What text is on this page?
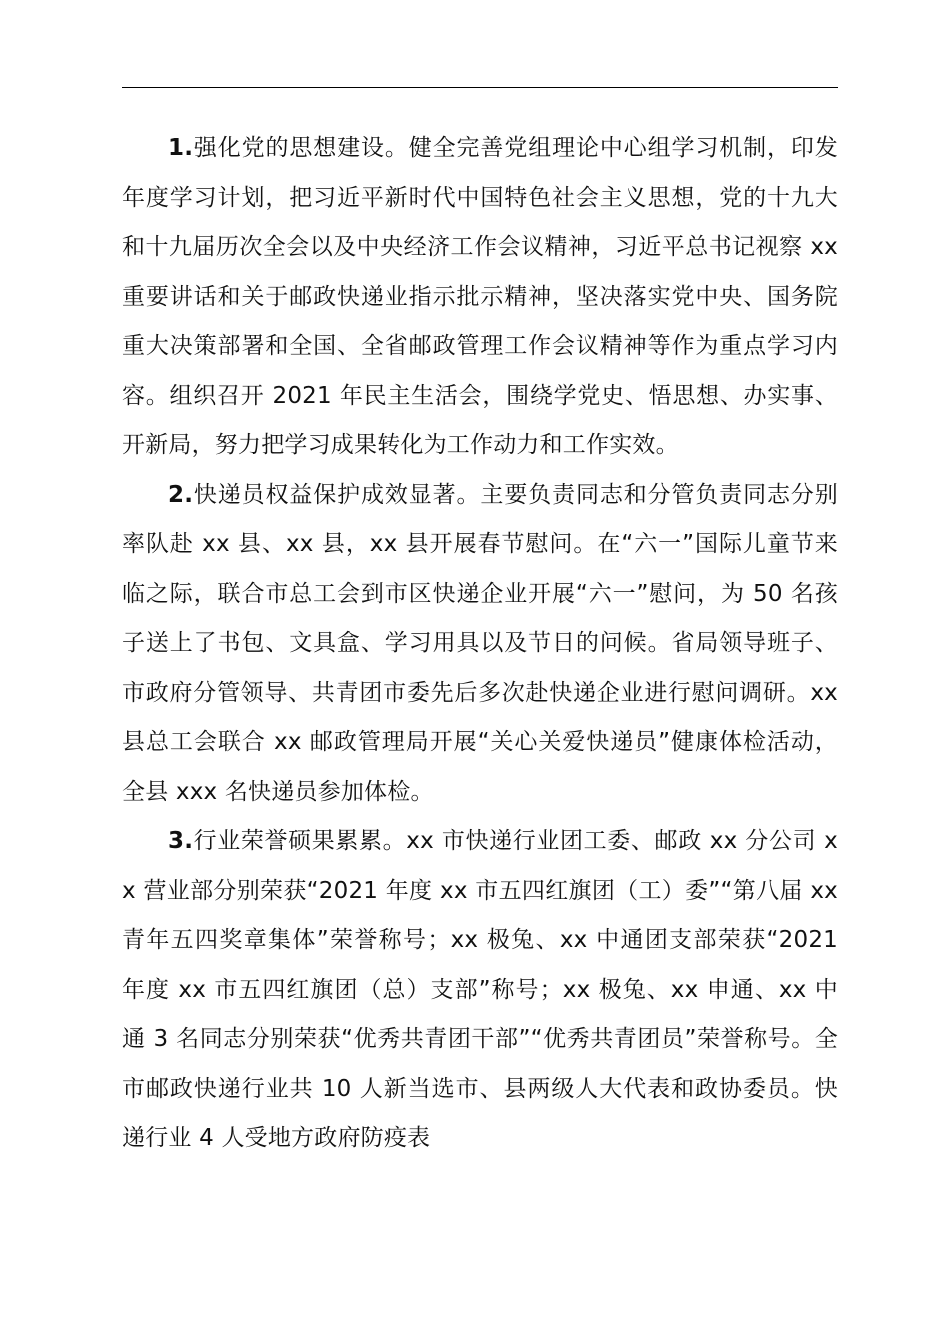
1.强化党的思想建设。健全完善党组理论中心组学习机制，印发年度学习计划，把习近平新时代中国特色社会主义思想，党的十九大和十九届历次全会以及中央经济工作会议精神，习近平总书记视察 xx 重要讲话和关于邮政快递业指示批示精神，坚决落实党中央、国务院重大决策部署和全国、全省邮政管理工作会议精神等作为重点学习内容。组织召开 2021 年民主生活会，围绕学党史、悟思想、办实事、开新局，努力把学习成果转化为工作动力和工作实效。

2.快递员权益保护成效显著。主要负责同志和分管负责同志分别率队赴 xx 县、xx 县，xx 县开展春节慰问。在“六一”国际儿童节来临之际，联合市总工会到市区快递企业开展“六一”慰问，为 50 名孩子送上了书包、文具盒、学习用具以及节日的问候。省局领导班子、市政府分管领导、共青团市委先后多次赴快递企业进行慰问调研。xx 县总工会联合 xx 邮政管理局开展“关心关爱快递员”健康体检活动，全县 xxx 名快递员参加体检。

3.行业荣誉硕果累累。xx 市快递行业团工委、邮政 xx 分公司 xx 营业部分别荣获“2021 年度 xx 市五四红旗团（工）委”“第八届 xx 青年五四奖章集体”荣誉称号；xx 极兔、xx 中通团支部荣获“2021 年度 xx 市五四红旗团（总）支部”称号；xx 极兔、xx 申通、xx 中通 3 名同志分别荣获“优秀共青团干部”“优秀共青团员”荣誉称号。全市邮政快递行业共 10 人新当选市、县两级人大代表和政协委员。快递行业 4 人受地方政府防疫表
